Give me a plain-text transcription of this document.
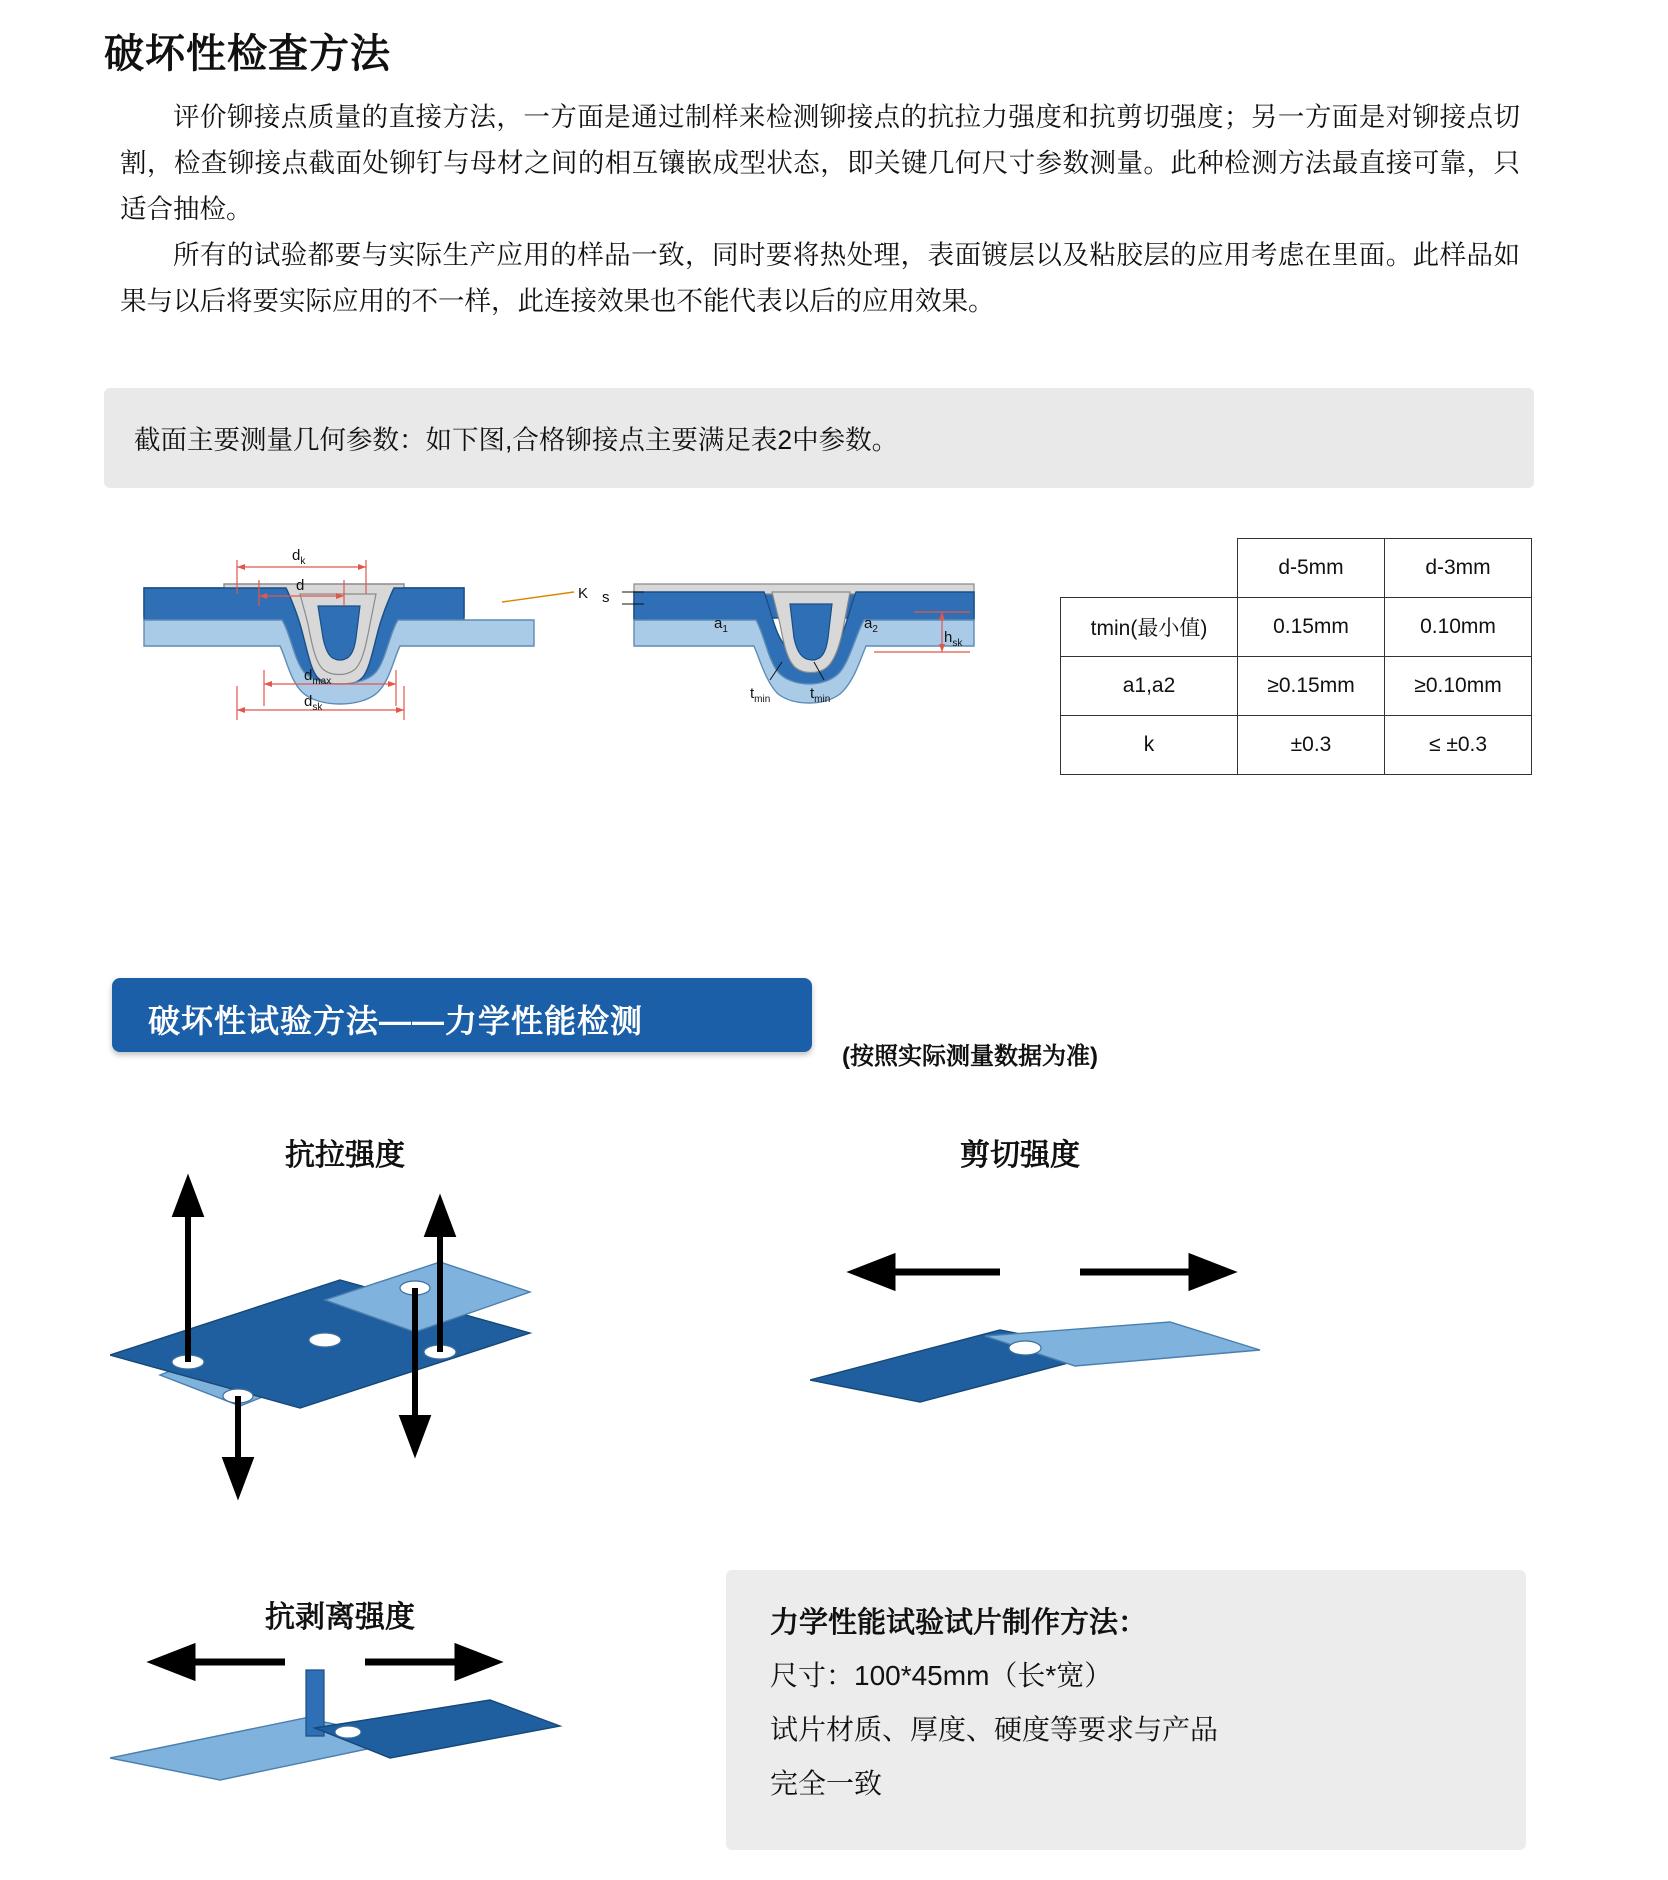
破坏性检查方法
评价铆接点质量的直接方法，一方面是通过制样来检测铆接点的抗拉力强度和抗剪切强度；另一方面是对铆接点切割，检查铆接点截面处铆钉与母材之间的相互镶嵌成型状态，即关键几何尺寸参数测量。此种检测方法最直接可靠，只适合抽检。
所有的试验都要与实际生产应用的样品一致，同时要将热处理，表面镀层以及粘胶层的应用考虑在里面。此样品如果与以后将要实际应用的不一样，此连接效果也不能代表以后的应用效果。
截面主要测量几何参数：如下图,合格铆接点主要满足表2中参数。
$d_k$
d
$d_{max}$
$d_{sk}$
K s
$a_1$	$a_2$
$t_{min}$	$t_{min}$
$h_{sk}$
	d-5mm	d-3mm
tmin(最小值)	0.15mm	0.10mm
a1,a2	≥0.15mm	≥0.10mm
k	±0.3	≤ ±0.3
破坏性试验方法——力学性能检测
(按照实际测量数据为准)
抗拉强度	剪切强度
抗剥离强度	力学性能试验试片制作方法：
尺寸：100*45mm（长*宽）
试片材质、厚度、硬度等要求与产品
完全一致
